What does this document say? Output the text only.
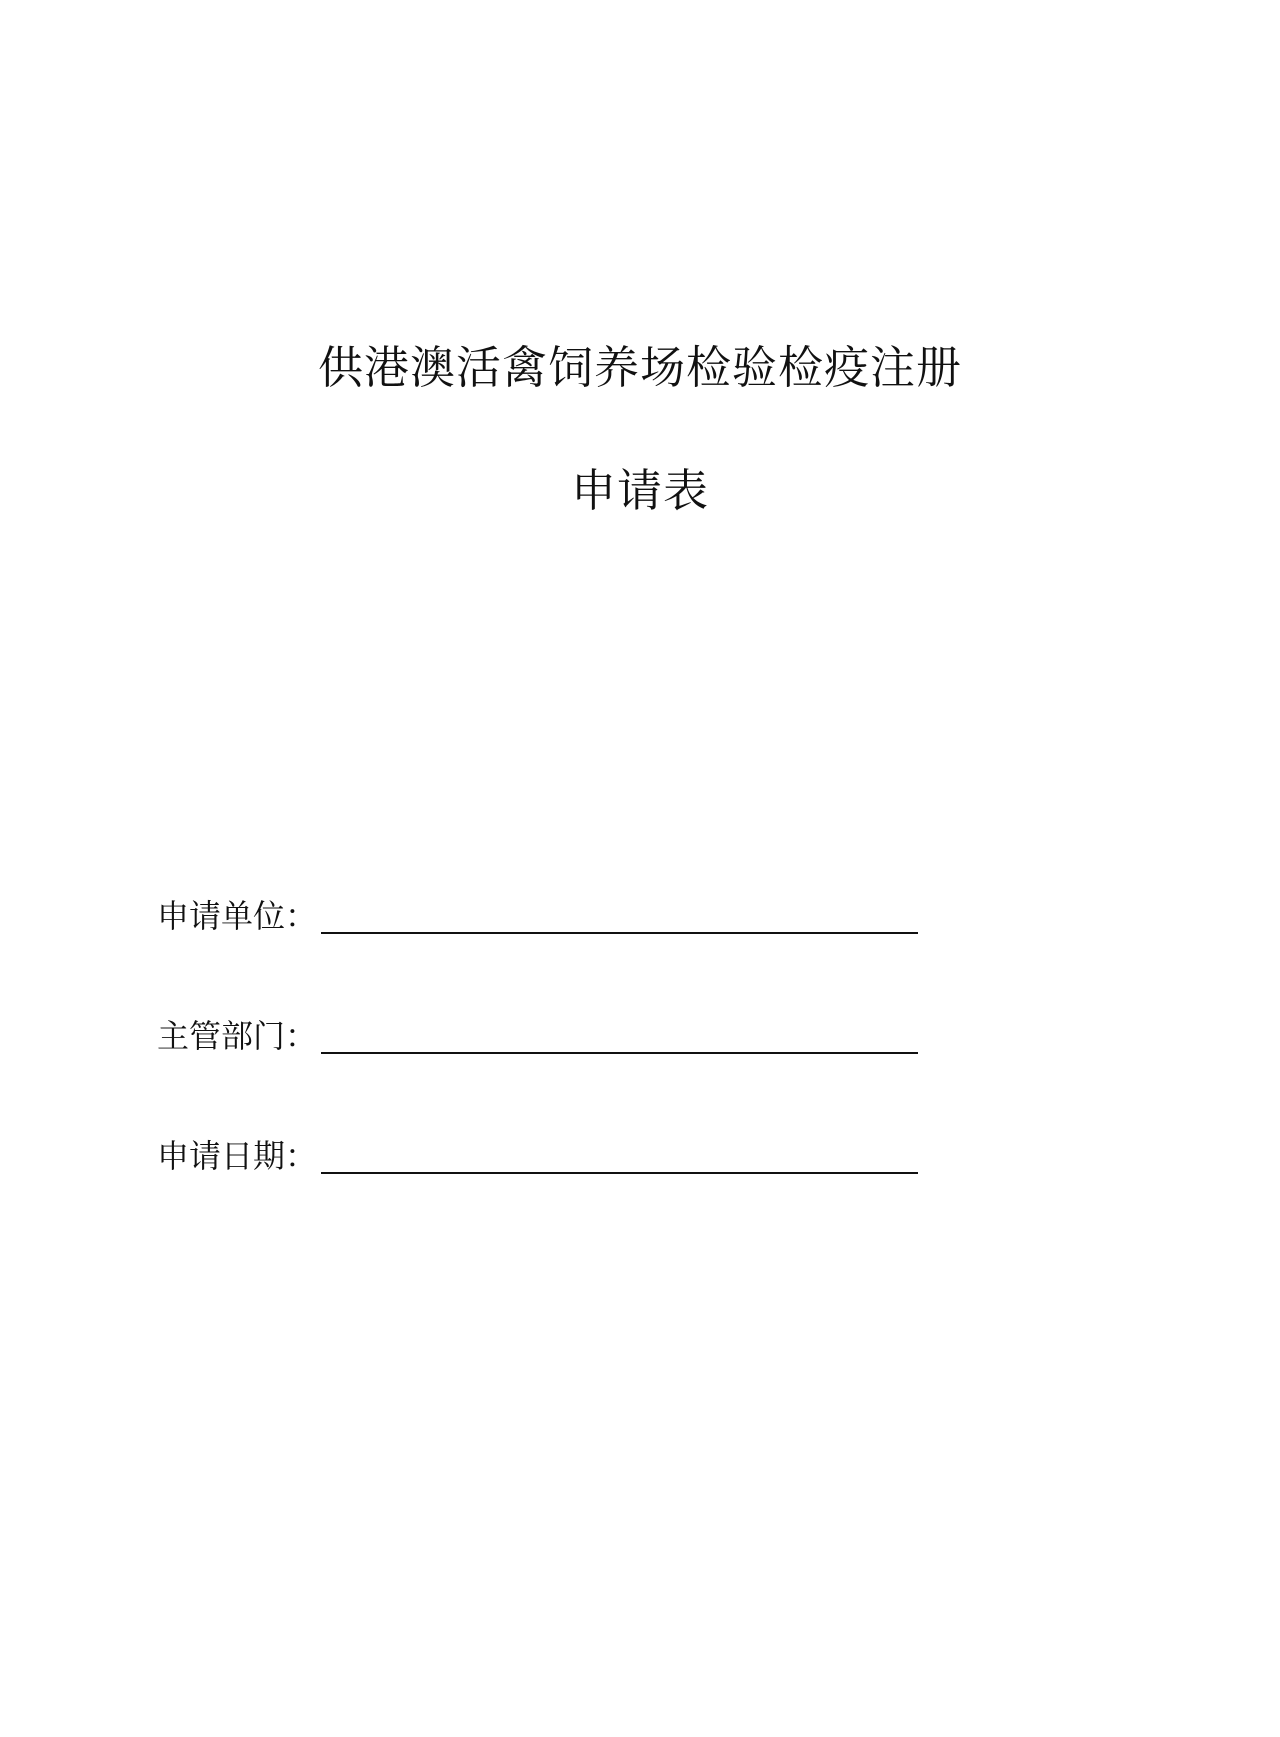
供港澳活禽饲养场检验检疫注册
申请表
申请单位：
主管部门：
申请日期：
